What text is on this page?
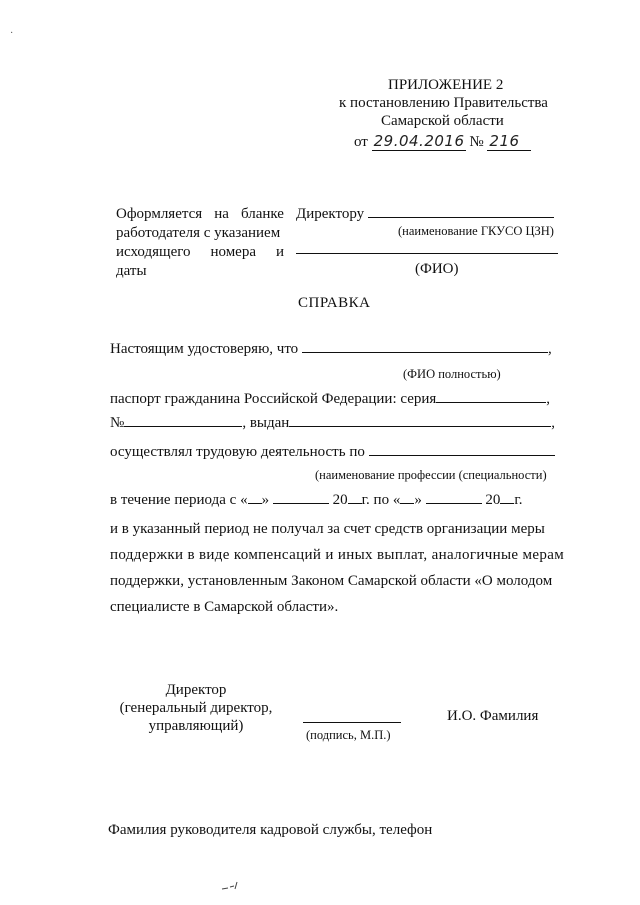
ПРИЛОЖЕНИЕ 2
к постановлению Правительства
Самарской области
от 29.04.2016 № 216
Оформляется на бланке
работодателя с указанием
исходящего номера и
даты
Директору
(наименование ГКУСО ЦЗН)
(ФИО)
СПРАВКА
Настоящим удостоверяю, что	,
(ФИО полностью)
паспорт гражданина Российской Федерации: серия	,
№	, выдан	,
осуществлял трудовую деятельность по
(наименование профессии (специальности)
в течение периода с « »	20 г. по « »	20 г.
и в указанный период не получал за счет средств организации меры
поддержки в виде компенсаций и иных выплат, аналогичные мерам
поддержки, установленным Законом Самарской области «О молодом
специалисте в Самарской области».
Директор
(генеральный директор,
управляющий)
(подпись, М.П.)
И.О. Фамилия
Фамилия руководителя кадровой службы, телефон
·
